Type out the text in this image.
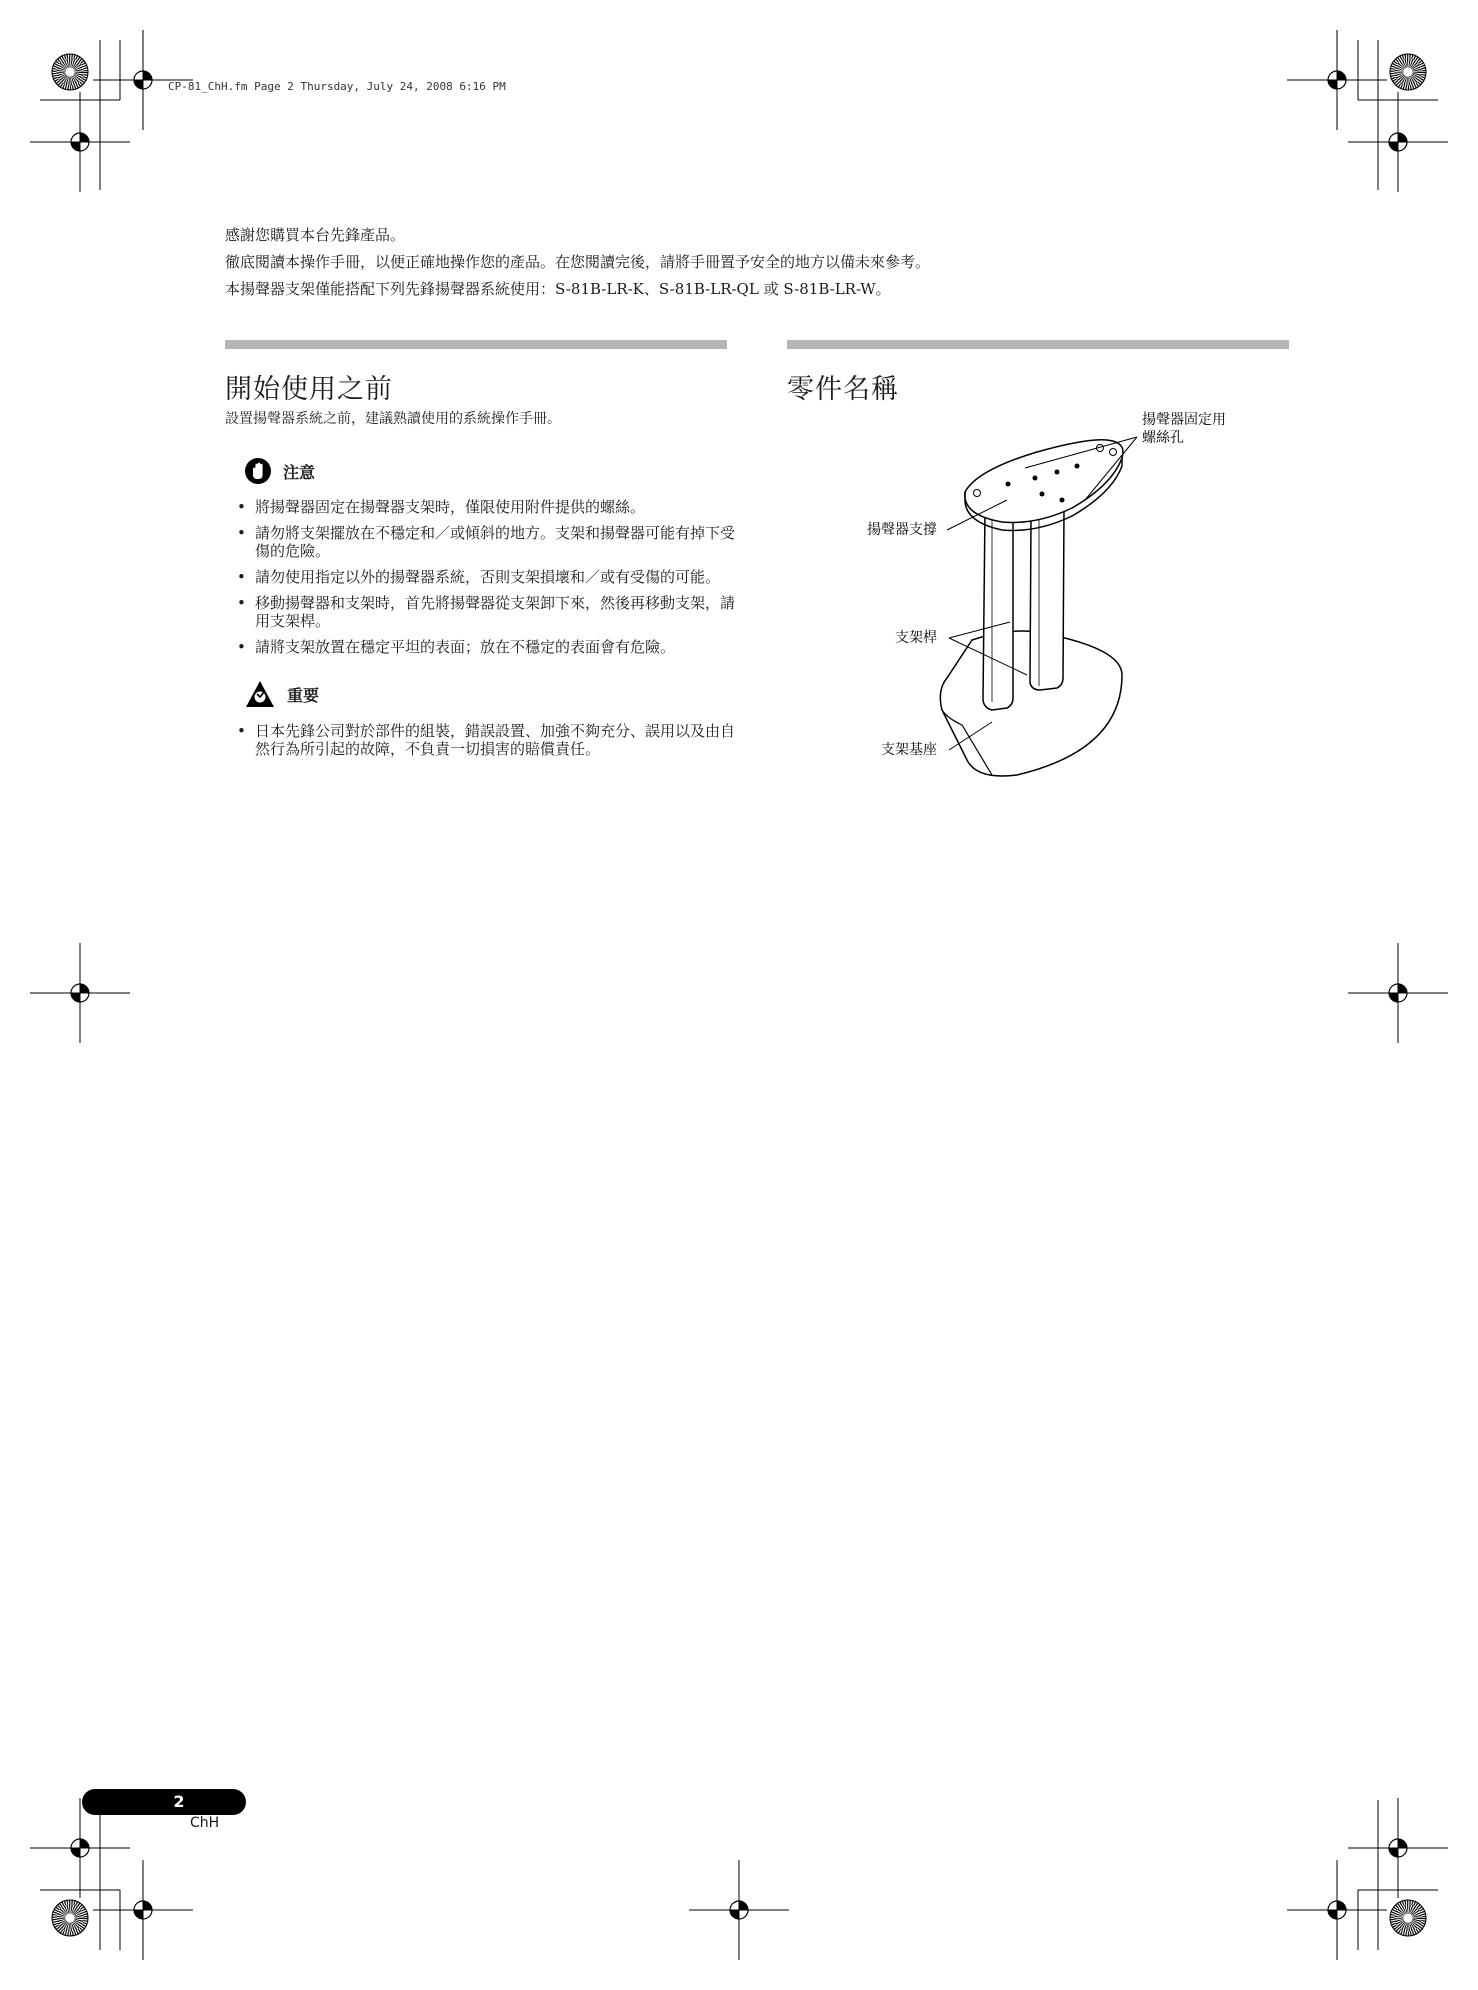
CP-81_ChH.fm Page 2 Thursday, July 24, 2008 6:16 PM

感謝您購買本台先鋒產品。

徹底閱讀本操作手冊，以便正確地操作您的產品。在您閱讀完後，請將手冊置予安全的地方以備未來參考。

本揚聲器支架僅能搭配下列先鋒揚聲器系統使用：S-81B-LR-K、S-81B-LR-QL 或 S-81B-LR-W。

開始使用之前

設置揚聲器系統之前，建議熟讀使用的系統操作手冊。

注意
• 將揚聲器固定在揚聲器支架時，僅限使用附件提供的螺絲。
• 請勿將支架擺放在不穩定和／或傾斜的地方。支架和揚聲器可能有掉下受傷的危險。
• 請勿使用指定以外的揚聲器系統，否則支架損壞和／或有受傷的可能。
• 移動揚聲器和支架時，首先將揚聲器從支架卸下來，然後再移動支架，請用支架桿。
• 請將支架放置在穩定平坦的表面；放在不穩定的表面會有危險。
重要
• 日本先鋒公司對於部件的組裝，錯誤設置、加強不夠充分、誤用以及由自然行為所引起的故障，不負責一切損害的賠償責任。
零件名稱
揚聲器固定用
螺絲孔
揚聲器支撐
支架桿
支架基座
2
ChH
